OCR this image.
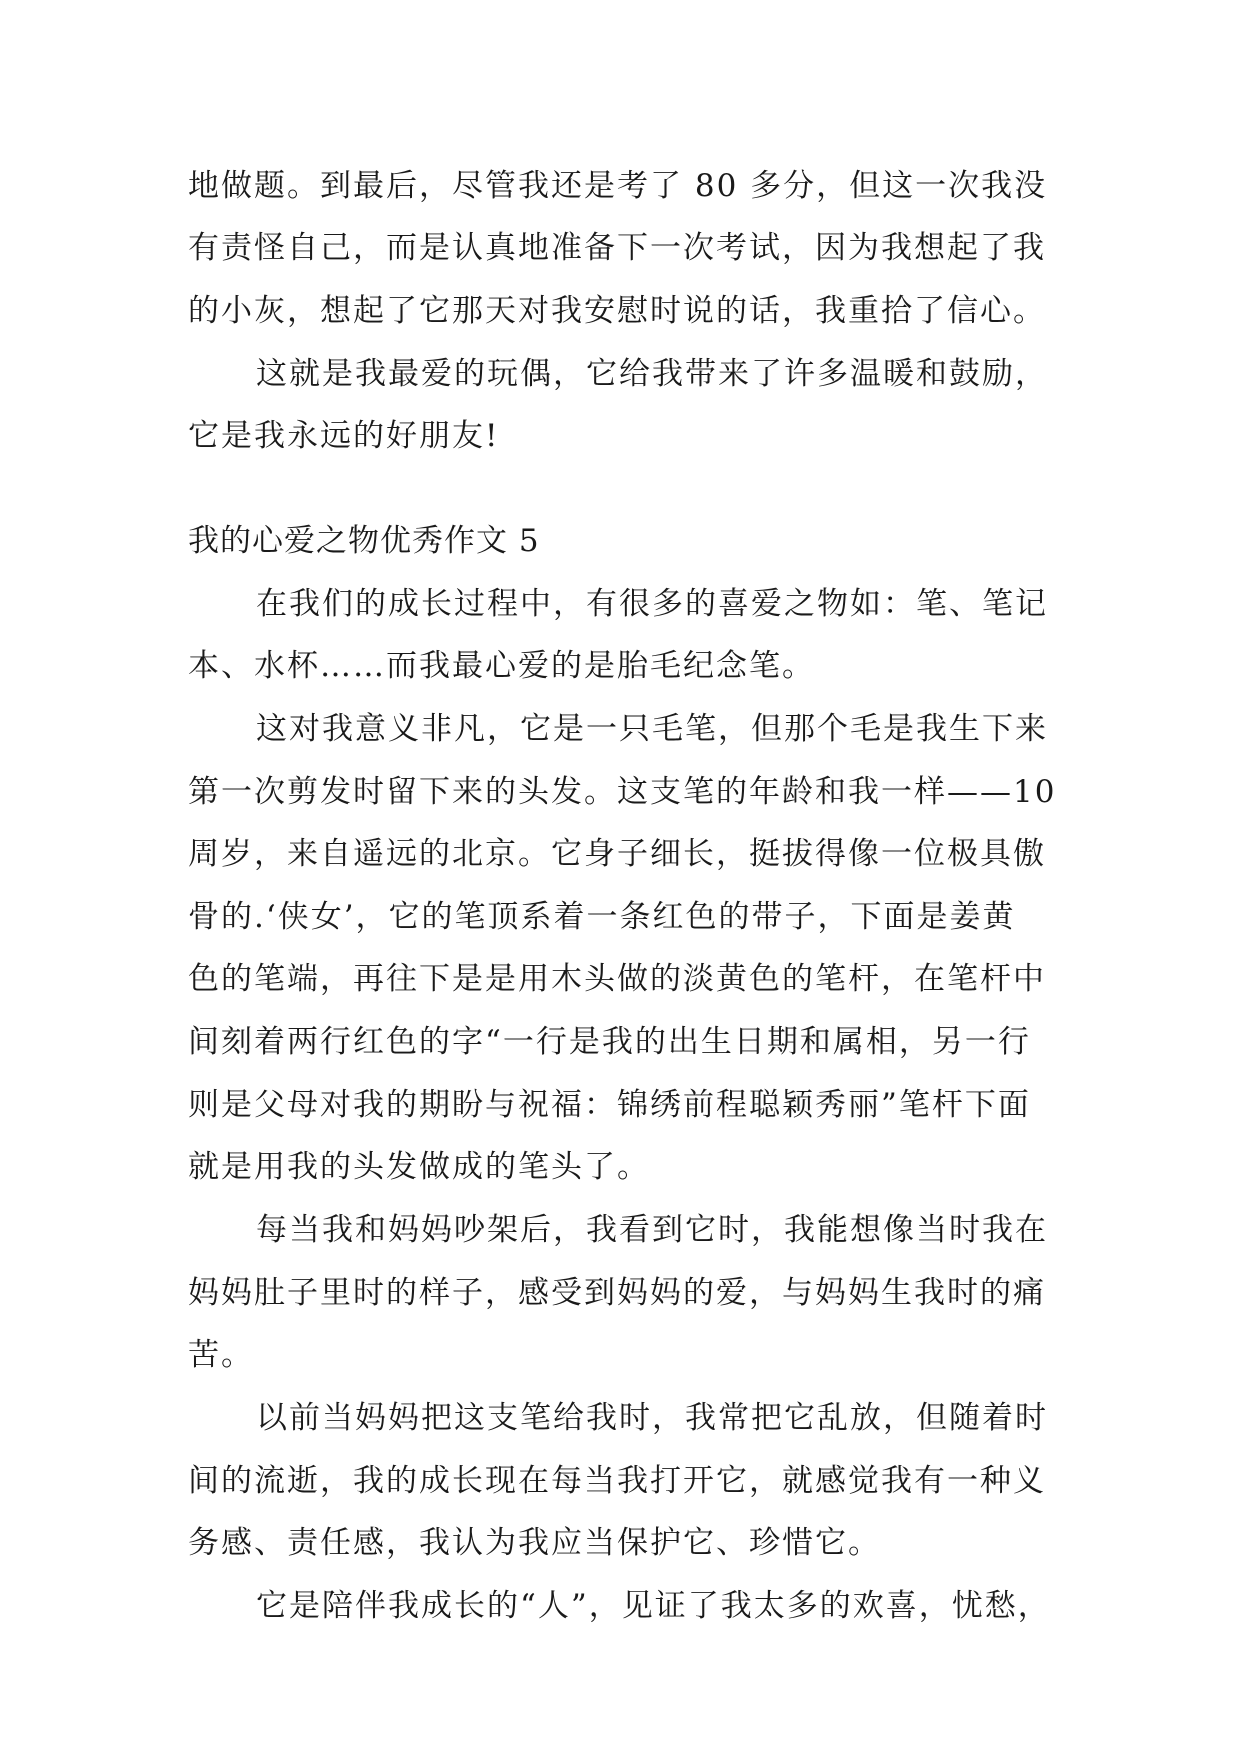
地做题。到最后，尽管我还是考了 80 多分，但这一次我没
有责怪自己，而是认真地准备下一次考试，因为我想起了我
的小灰，想起了它那天对我安慰时说的话，我重拾了信心。
这就是我最爱的玩偶，它给我带来了许多温暖和鼓励，
它是我永远的好朋友!
我的心爱之物优秀作文 5
在我们的成长过程中，有很多的喜爱之物如：笔、笔记
本、水杯……而我最心爱的是胎毛纪念笔。
这对我意义非凡，它是一只毛笔，但那个毛是我生下来
第一次剪发时留下来的头发。这支笔的年龄和我一样——10
周岁，来自遥远的北京。它身子细长，挺拔得像一位极具傲
骨的.‘侠女’，它的笔顶系着一条红色的带子，下面是姜黄
色的笔端，再往下是是用木头做的淡黄色的笔杆，在笔杆中
间刻着两行红色的字“一行是我的出生日期和属相，另一行
则是父母对我的期盼与祝福：锦绣前程聪颖秀丽”笔杆下面
就是用我的头发做成的笔头了。
每当我和妈妈吵架后，我看到它时，我能想像当时我在
妈妈肚子里时的样子，感受到妈妈的爱，与妈妈生我时的痛
苦。
以前当妈妈把这支笔给我时，我常把它乱放，但随着时
间的流逝，我的成长现在每当我打开它，就感觉我有一种义
务感、责任感，我认为我应当保护它、珍惜它。
它是陪伴我成长的“人”，见证了我太多的欢喜，忧愁，
